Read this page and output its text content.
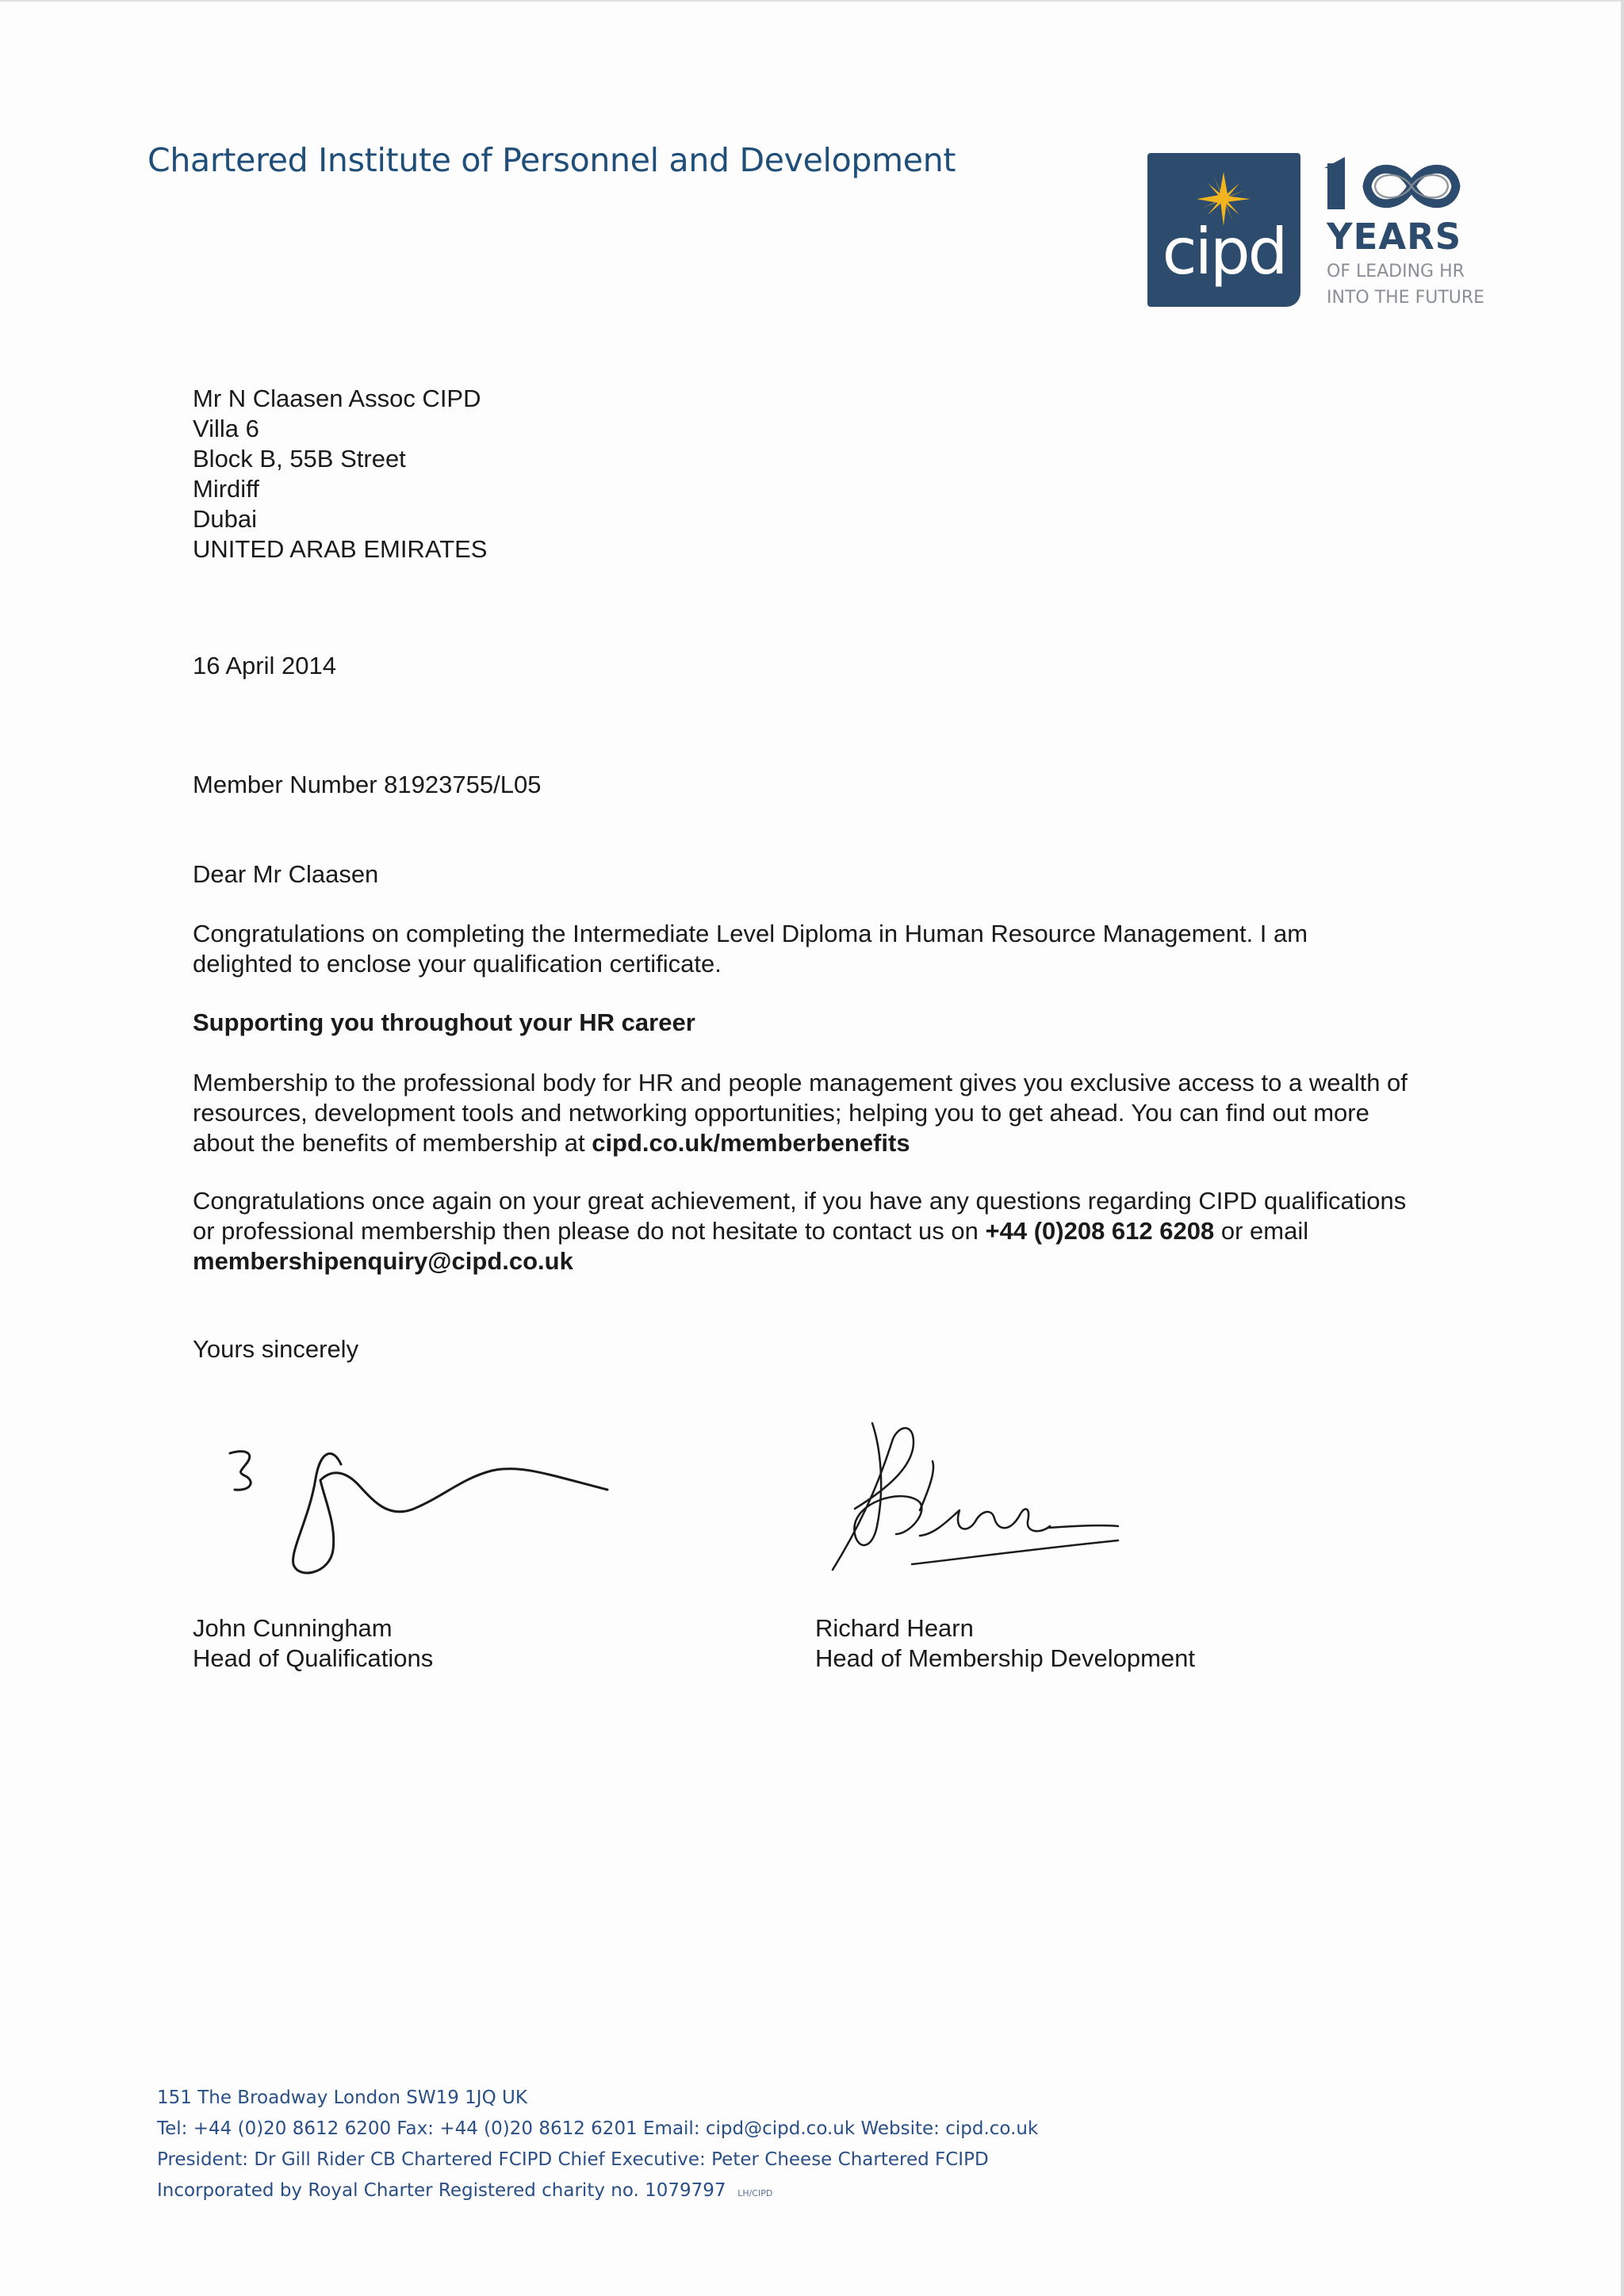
Chartered Institute of Personnel and Development
cipd	YEARS
OF LEADING HR
INTO THE FUTURE
Mr N Claasen Assoc CIPD
Villa 6
Block B, 55B Street
Mirdiff
Dubai
UNITED ARAB EMIRATES
16 April 2014
Member Number 81923755/L05
Dear Mr Claasen
Congratulations on completing the Intermediate Level Diploma in Human Resource Management. I am delighted to enclose your qualification certificate.
Supporting you throughout your HR career
Membership to the professional body for HR and people management gives you exclusive access to a wealth of resources, development tools and networking opportunities; helping you to get ahead. You can find out more about the benefits of membership at cipd.co.uk/memberbenefits
Congratulations once again on your great achievement, if you have any questions regarding CIPD qualifications or professional membership then please do not hesitate to contact us on +44 (0)208 612 6208 or email membershipenquiry@cipd.co.uk
Yours sincerely
John Cunningham
Head of Qualifications
Richard Hearn
Head of Membership Development
151 The Broadway London SW19 1JQ UK
Tel: +44 (0)20 8612 6200 Fax: +44 (0)20 8612 6201 Email: cipd@cipd.co.uk Website: cipd.co.uk
President: Dr Gill Rider CB Chartered FCIPD Chief Executive: Peter Cheese Chartered FCIPD
Incorporated by Royal Charter Registered charity no. 1079797 LH/CIPD
